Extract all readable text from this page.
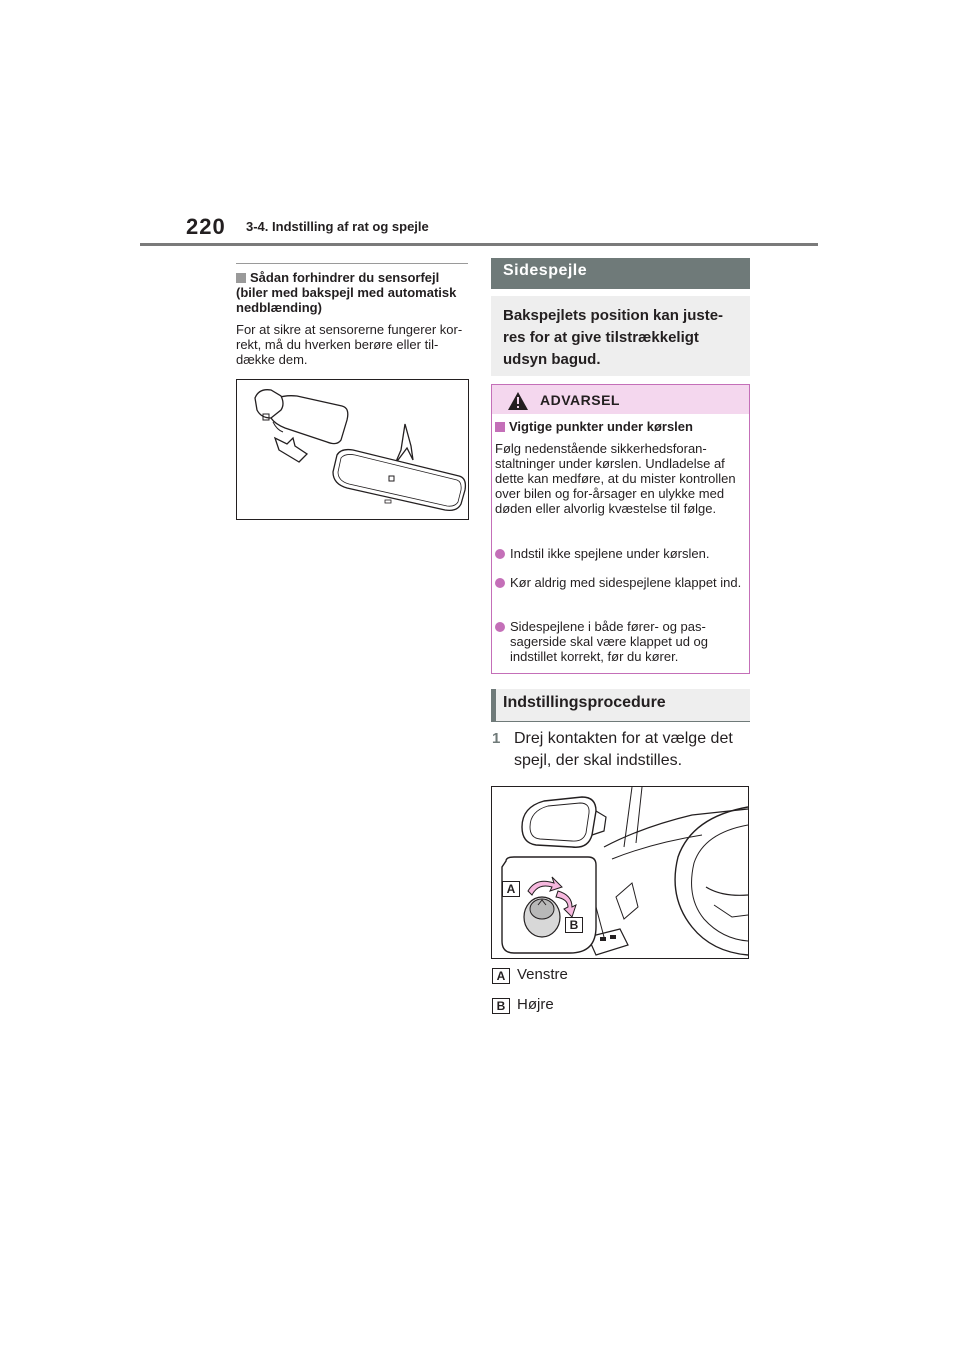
220 3-4. Indstilling af rat og spejle
Sådan forhindrer du sensorfejl (biler med bakspejl med automatisk nedblænding)
For at sikre at sensorerne fungerer kor-rekt, må du hverken berøre eller til-dække dem.
Sidespejle
Bakspejlets position kan juste-res for at give tilstrækkeligt udsyn bagud.
ADVARSEL
Vigtige punkter under kørslen
Følg nedenstående sikkerhedsforan-staltninger under kørslen. Undladelse af dette kan medføre, at du mister kontrollen over bilen og for-årsager en ulykke med døden eller alvorlig kvæstelse til følge.
Indstil ikke spejlene under kørslen.
Kør aldrig med sidespejlene klappet ind.
Sidespejlene i både fører- og pas-sagerside skal være klappet ud og indstillet korrekt, før du kører.
Indstillingsprocedure
1 Drej kontakten for at vælge det spejl, der skal indstilles.
A
B
A Venstre
B Højre
